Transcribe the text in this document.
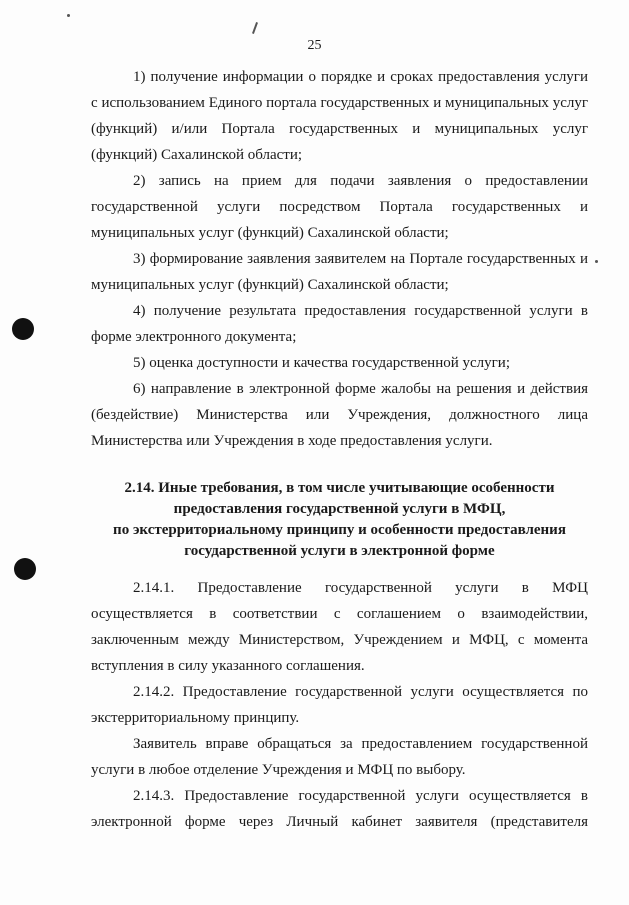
25

1) получение информации о порядке и сроках предоставления услуги с использованием Единого портала государственных и муниципальных услуг (функций) и/или Портала государственных и муниципальных услуг (функций) Сахалинской области;

2) запись на прием для подачи заявления о предоставлении государственной услуги посредством Портала государственных и муниципальных услуг (функций) Сахалинской области;

3) формирование заявления заявителем на Портале государственных и муниципальных услуг (функций) Сахалинской области;

4) получение результата предоставления государственной услуги в форме электронного документа;

5) оценка доступности и качества государственной услуги;

6) направление в электронной форме жалобы на решения и действия (бездействие) Министерства или Учреждения, должностного лица Министерства или Учреждения в ходе предоставления услуги.

2.14. Иные требования, в том числе учитывающие особенности
предоставления государственной услуги в МФЦ,
по экстерриториальному принципу и особенности предоставления
государственной услуги в электронной форме

2.14.1. Предоставление государственной услуги в МФЦ осуществляется в соответствии с соглашением о взаимодействии, заключенным между Министерством, Учреждением и МФЦ, с момента вступления в силу указанного соглашения.

2.14.2. Предоставление государственной услуги осуществляется по экстерриториальному принципу.

Заявитель вправе обращаться за предоставлением государственной услуги в любое отделение Учреждения и МФЦ по выбору.

2.14.3. Предоставление государственной услуги осуществляется в электронной форме через Личный кабинет заявителя (представителя
